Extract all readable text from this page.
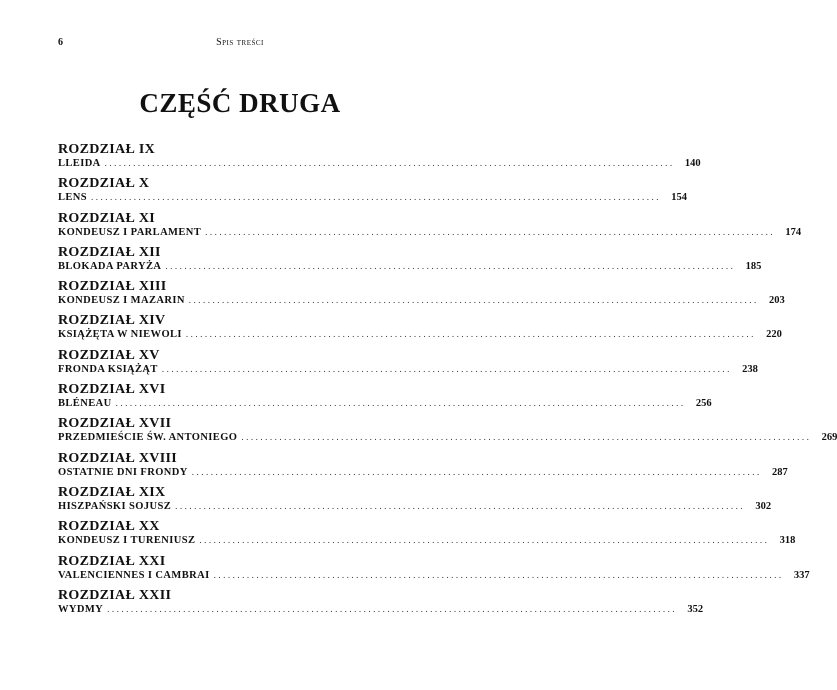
6	Spis treści
CZĘŚĆ DRUGA
ROZDZIAŁ IX
LLEIDA ........................................................................................................................ 140
ROZDZIAŁ X
LENS ........................................................................................................................ 154
ROZDZIAŁ XI
KONDEUSZ I PARLAMENT ........................................................................................................................ 174
ROZDZIAŁ XII
BLOKADA PARYŻA ........................................................................................................................ 185
ROZDZIAŁ XIII
KONDEUSZ I MAZARIN ........................................................................................................................ 203
ROZDZIAŁ XIV
KSIĄŻĘTA W NIEWOLI ........................................................................................................................ 220
ROZDZIAŁ XV
FRONDA KSIĄŻĄT ........................................................................................................................ 238
ROZDZIAŁ XVI
BLÉNEAU ........................................................................................................................ 256
ROZDZIAŁ XVII
PRZEDMIEŚCIE ŚW. ANTONIEGO ........................................................................................................................ 269
ROZDZIAŁ XVIII
OSTATNIE DNI FRONDY ........................................................................................................................ 287
ROZDZIAŁ XIX
HISZPAŃSKI SOJUSZ ........................................................................................................................ 302
ROZDZIAŁ XX
KONDEUSZ I TURENIUSZ ........................................................................................................................ 318
ROZDZIAŁ XXI
VALENCIENNES I CAMBRAI ........................................................................................................................ 337
ROZDZIAŁ XXII
WYDMY ........................................................................................................................ 352
